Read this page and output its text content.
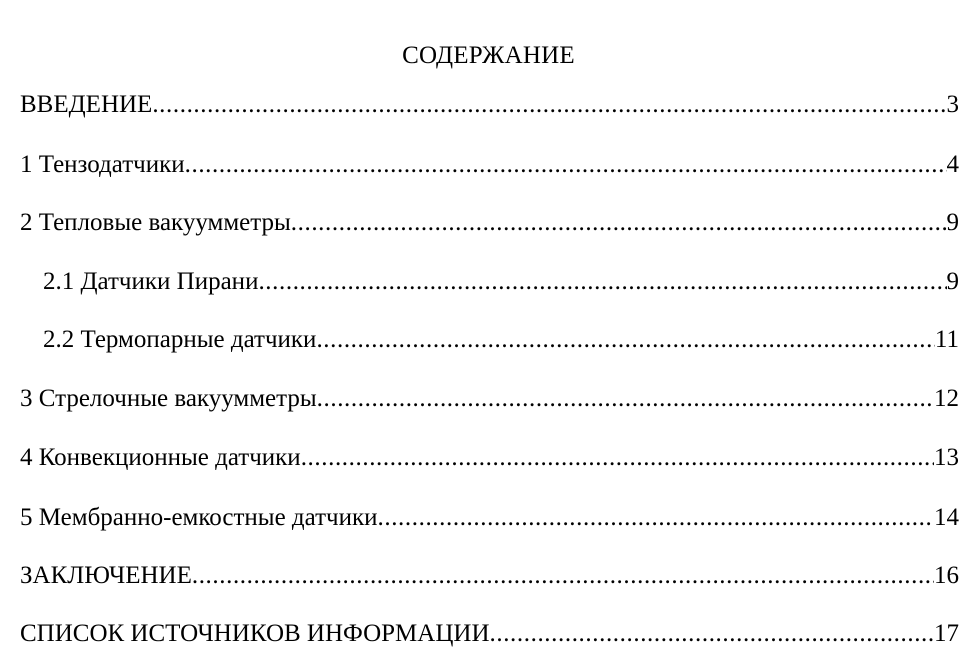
СОДЕРЖАНИЕ
ВВЕДЕНИЕ .....	3
1 Тензодатчики .....	4
2 Тепловые вакуумметры .....	9
2.1 Датчики Пирани .....	9
2.2 Термопарные датчики .....	11
3 Стрелочные вакуумметры .....	12
4 Конвекционные датчики .....	13
5 Мембранно-емкостные датчики .....	14
ЗАКЛЮЧЕНИЕ .....	16
СПИСОК ИСТОЧНИКОВ ИНФОРМАЦИИ .....	17
